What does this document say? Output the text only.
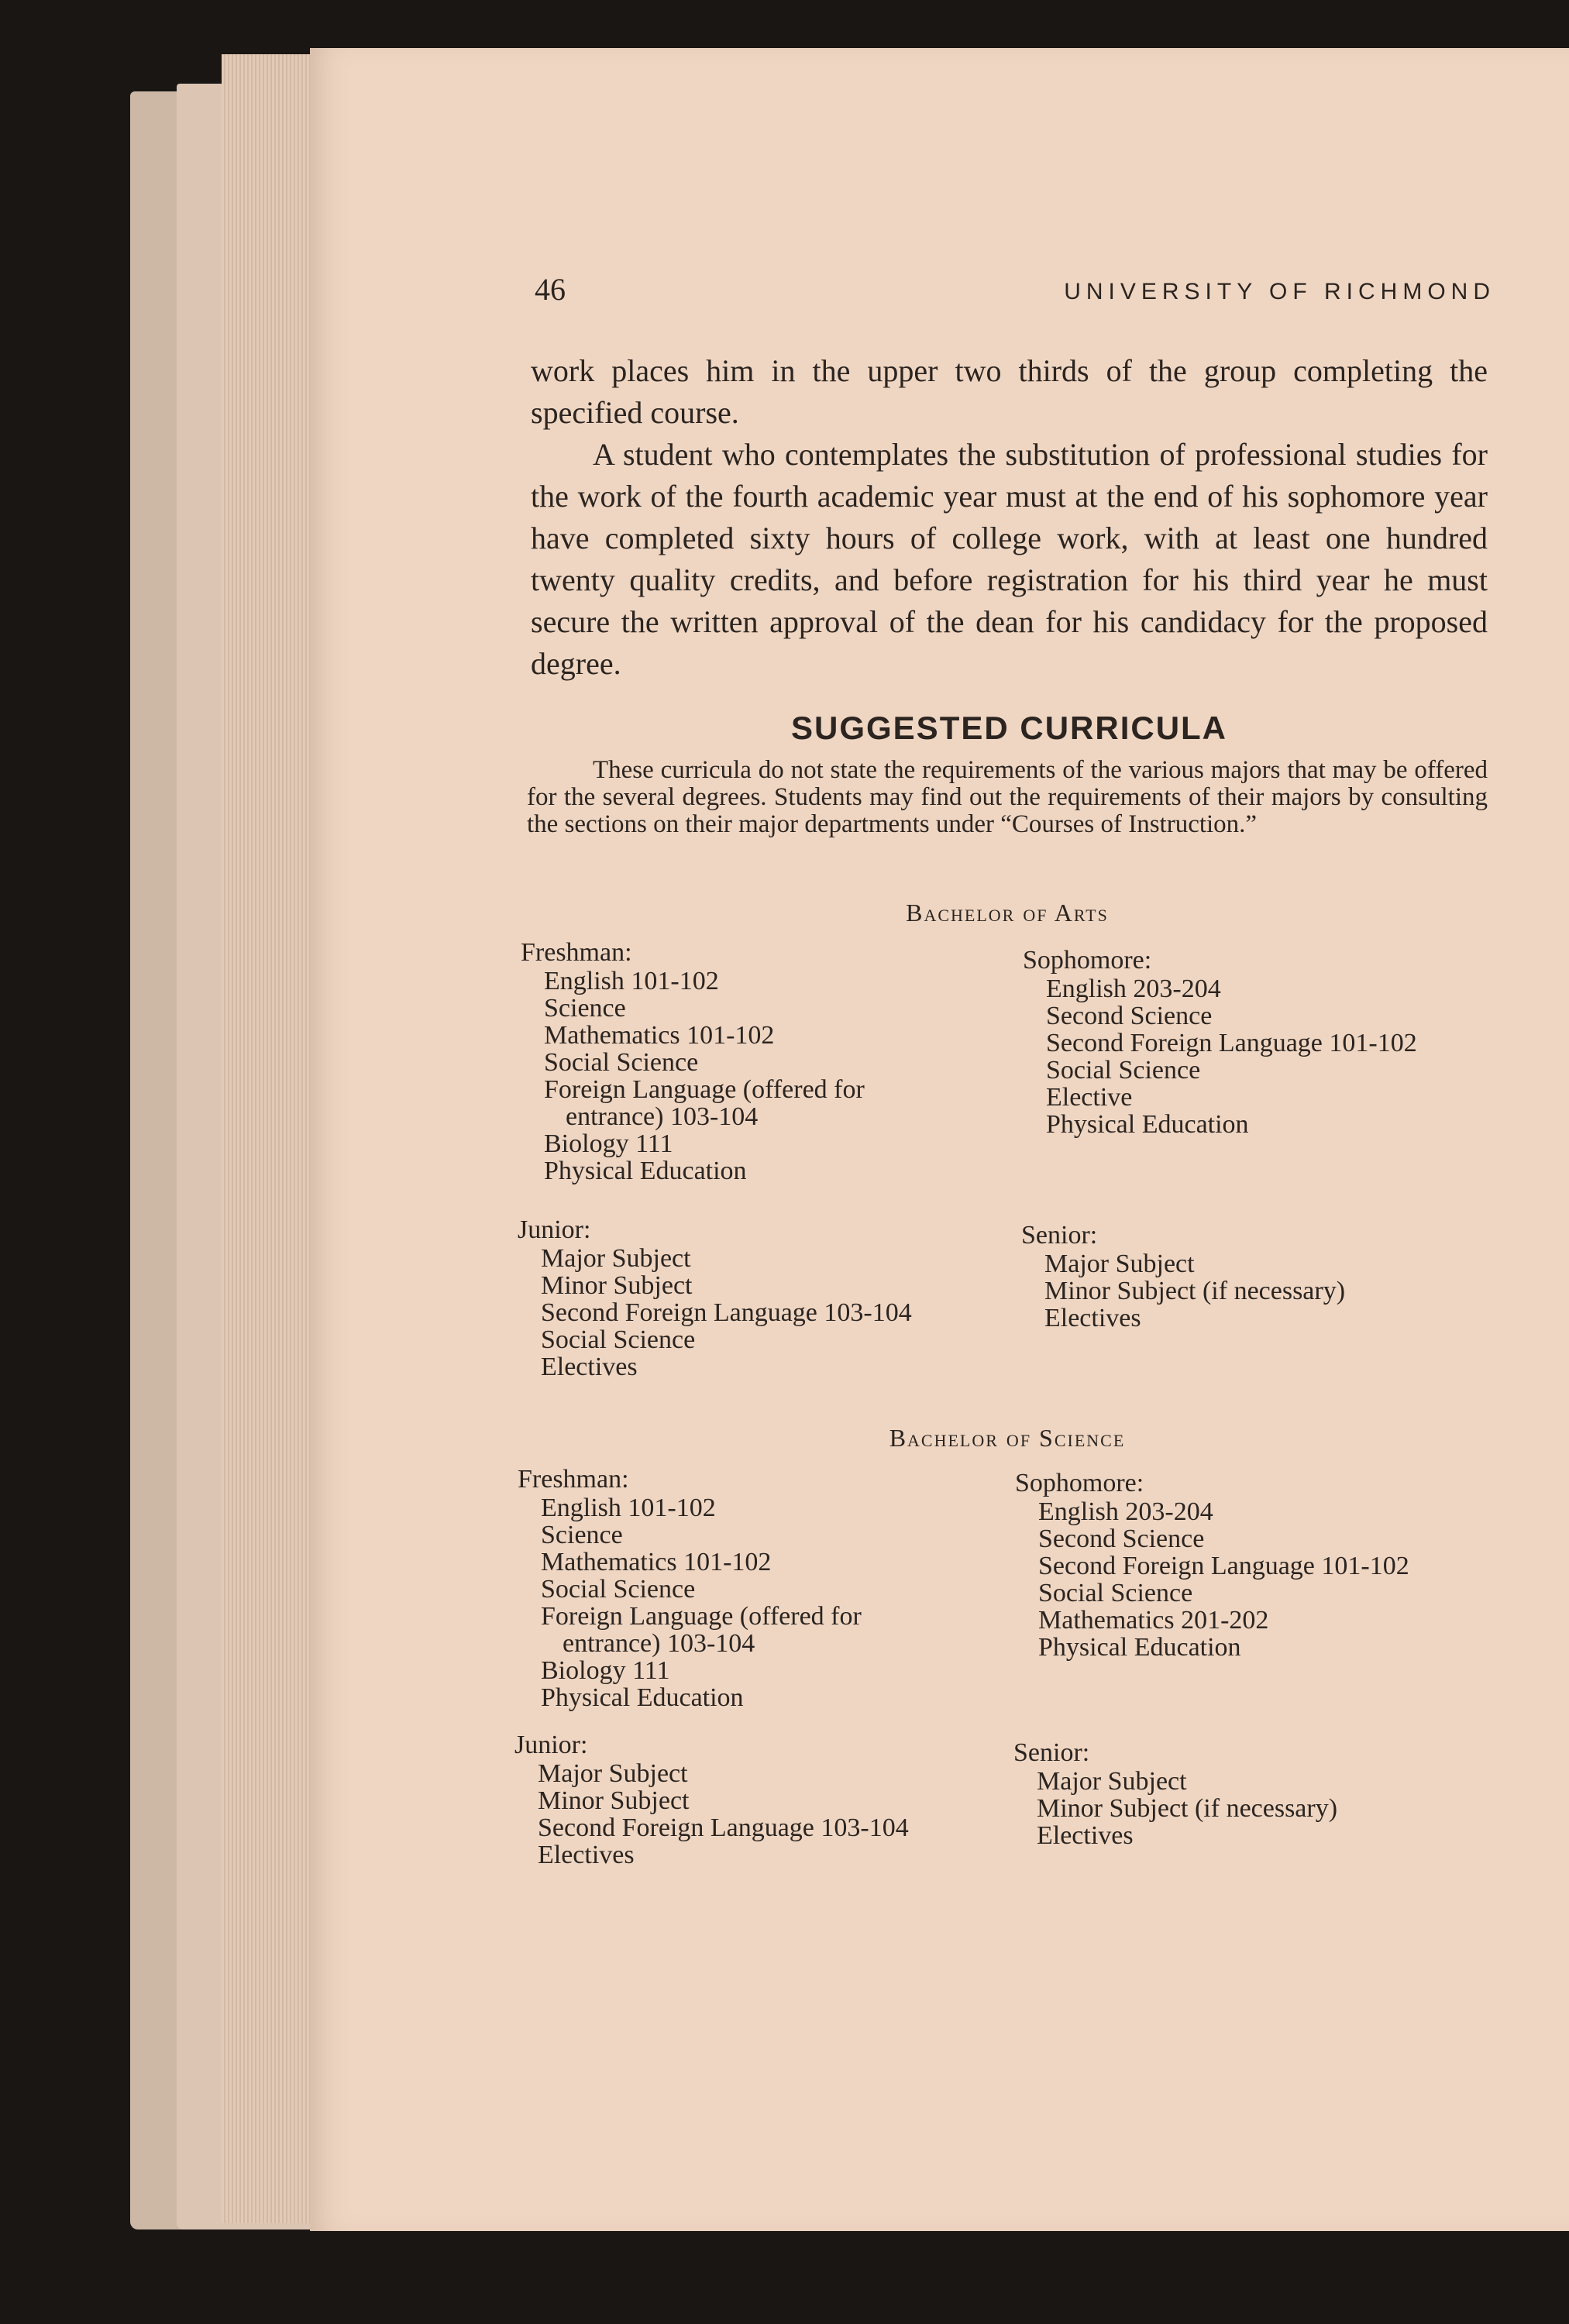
46	UNIVERSITY OF RICHMOND

work places him in the upper two thirds of the group completing the specified course.

A student who contemplates the substitution of professional studies for the work of the fourth academic year must at the end of his sophomore year have completed sixty hours of college work, with at least one hundred twenty quality credits, and before registration for his third year he must secure the written approval of the dean for his candidacy for the proposed degree.

SUGGESTED CURRICULA

These curricula do not state the requirements of the various majors that may be offered for the several degrees. Students may find out the requirements of their majors by consulting the sections on their major departments under “Courses of Instruction.”

Bachelor of Arts
Freshman:
English 101-102
Science
Mathematics 101-102
Social Science
Foreign Language (offered for
entrance) 103-104
Biology 111
Physical Education
Sophomore:
English 203-204
Second Science
Second Foreign Language 101-102
Social Science
Elective
Physical Education
Junior:
Major Subject
Minor Subject
Second Foreign Language 103-104
Social Science
Electives
Senior:
Major Subject
Minor Subject (if necessary)
Electives
Bachelor of Science
Freshman:
English 101-102
Science
Mathematics 101-102
Social Science
Foreign Language (offered for
entrance) 103-104
Biology 111
Physical Education
Sophomore:
English 203-204
Second Science
Second Foreign Language 101-102
Social Science
Mathematics 201-202
Physical Education
Junior:
Major Subject
Minor Subject
Second Foreign Language 103-104
Electives
Senior:
Major Subject
Minor Subject (if necessary)
Electives
